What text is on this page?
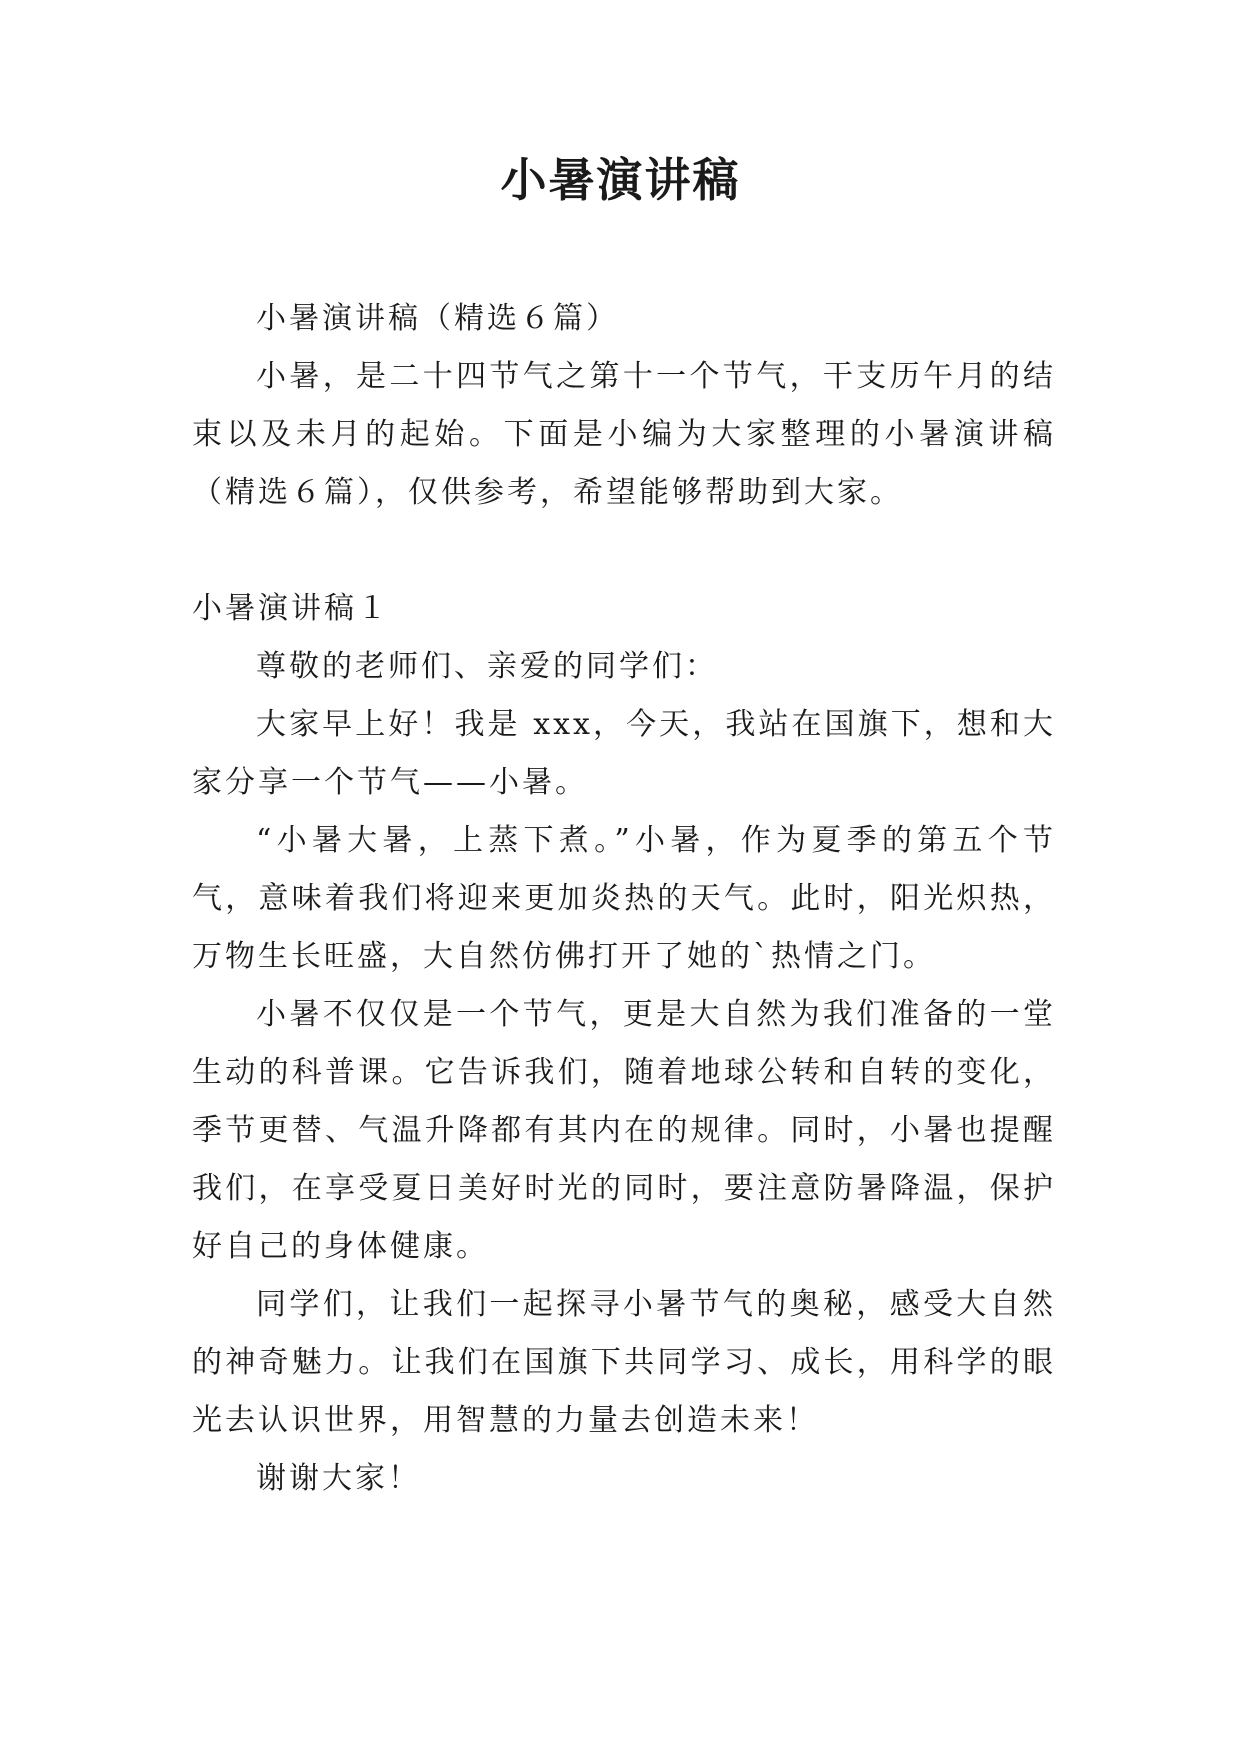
小暑演讲稿

小暑演讲稿（精选６篇）

小暑，是二十四节气之第十一个节气，干支历午月的结束以及未月的起始。下面是小编为大家整理的小暑演讲稿（精选６篇），仅供参考，希望能够帮助到大家。

小暑演讲稿１

尊敬的老师们、亲爱的同学们：

大家早上好！我是 xxx，今天，我站在国旗下，想和大家分享一个节气——小暑。

“小暑大暑，上蒸下煮。”小暑，作为夏季的第五个节气，意味着我们将迎来更加炎热的天气。此时，阳光炽热，万物生长旺盛，大自然仿佛打开了她的`热情之门。

小暑不仅仅是一个节气，更是大自然为我们准备的一堂生动的科普课。它告诉我们，随着地球公转和自转的变化，季节更替、气温升降都有其内在的规律。同时，小暑也提醒我们，在享受夏日美好时光的同时，要注意防暑降温，保护好自己的身体健康。

同学们，让我们一起探寻小暑节气的奥秘，感受大自然的神奇魅力。让我们在国旗下共同学习、成长，用科学的眼光去认识世界，用智慧的力量去创造未来！

谢谢大家！
